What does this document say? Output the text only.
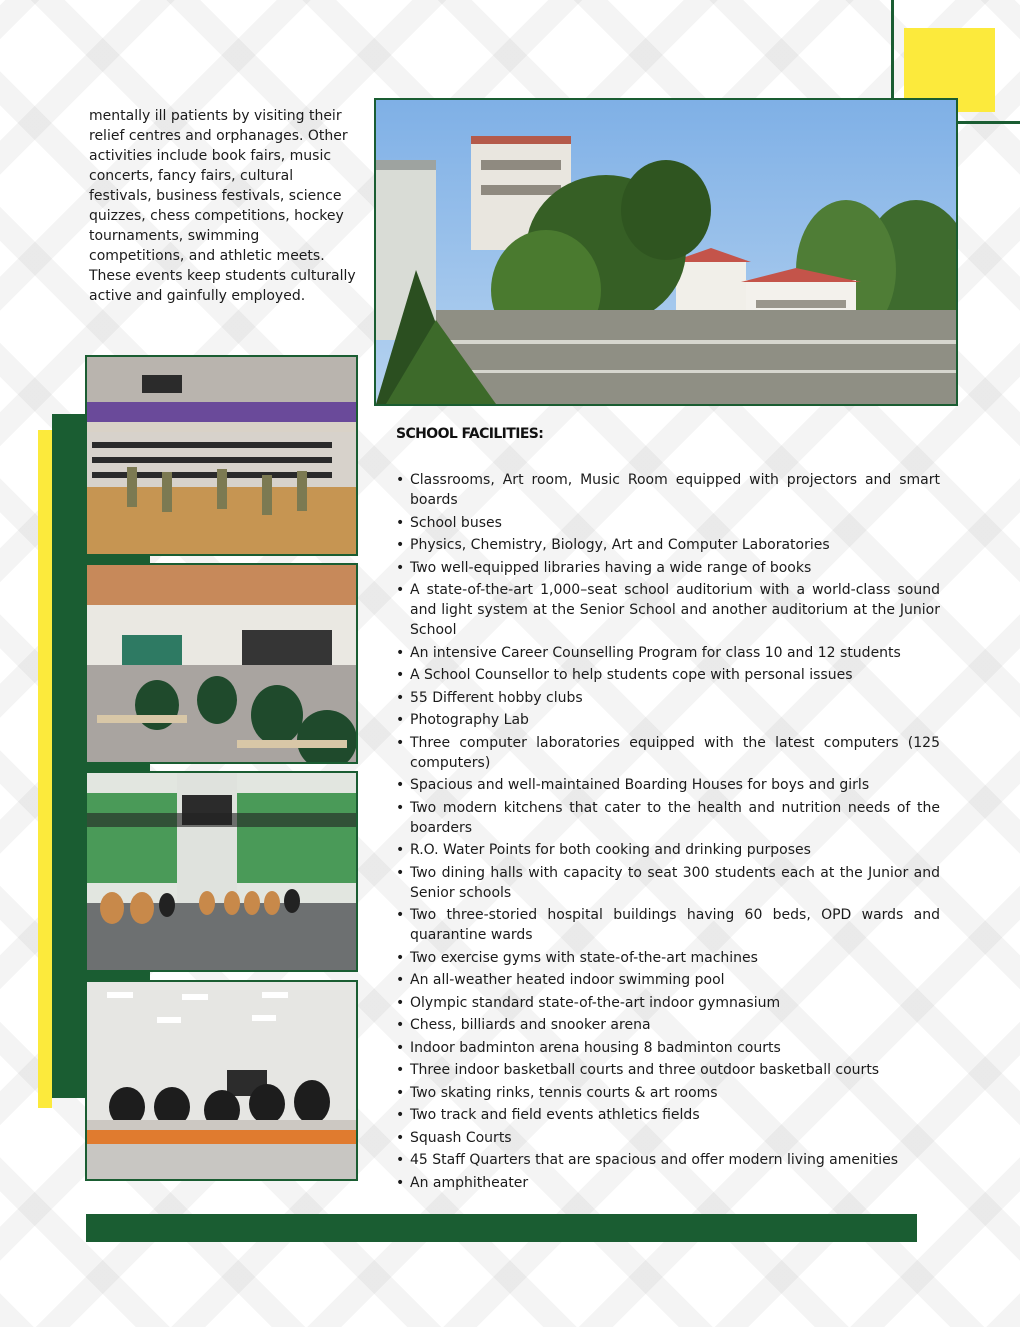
mentally ill patients by visiting their relief centres and orphanages. Other activities include book fairs, music concerts, fancy fairs, cultural festivals, business festivals, science quizzes, chess competitions, hockey tournaments, swimming competitions, and athletic meets. These events keep students culturally active and gainfully employed.
SCHOOL FACILITIES:
• Classrooms, Art room, Music Room equipped with projectors and smart boards
• School buses
• Physics, Chemistry, Biology, Art and Computer Laboratories
• Two well-equipped libraries having a wide range of books
• A state-of-the-art 1,000–seat school auditorium with a world-class sound and light system at the Senior School and another auditorium at the Junior School
• An intensive Career Counselling Program for class 10 and 12 students
• A School Counsellor to help students cope with personal issues
• 55 Different hobby clubs
• Photography Lab
• Three computer laboratories equipped with the latest computers (125 computers)
• Spacious and well-maintained Boarding Houses for boys and girls
• Two modern kitchens that cater to the health and nutrition needs of the boarders
• R.O. Water Points for both cooking and drinking purposes
• Two dining halls with capacity to seat 300 students each at the Junior and Senior schools
• Two three-storied hospital buildings having 60 beds, OPD wards and quarantine wards
• Two exercise gyms with state-of-the-art machines
• An all-weather heated indoor swimming pool
• Olympic standard state-of-the-art indoor gymnasium
• Chess, billiards and snooker arena
• Indoor badminton arena housing 8 badminton courts
• Three indoor basketball courts and three outdoor basketball courts
• Two skating rinks, tennis courts & art rooms
• Two track and field events athletics fields
• Squash Courts
• 45 Staff Quarters that are spacious and offer modern living amenities
• An amphitheater
